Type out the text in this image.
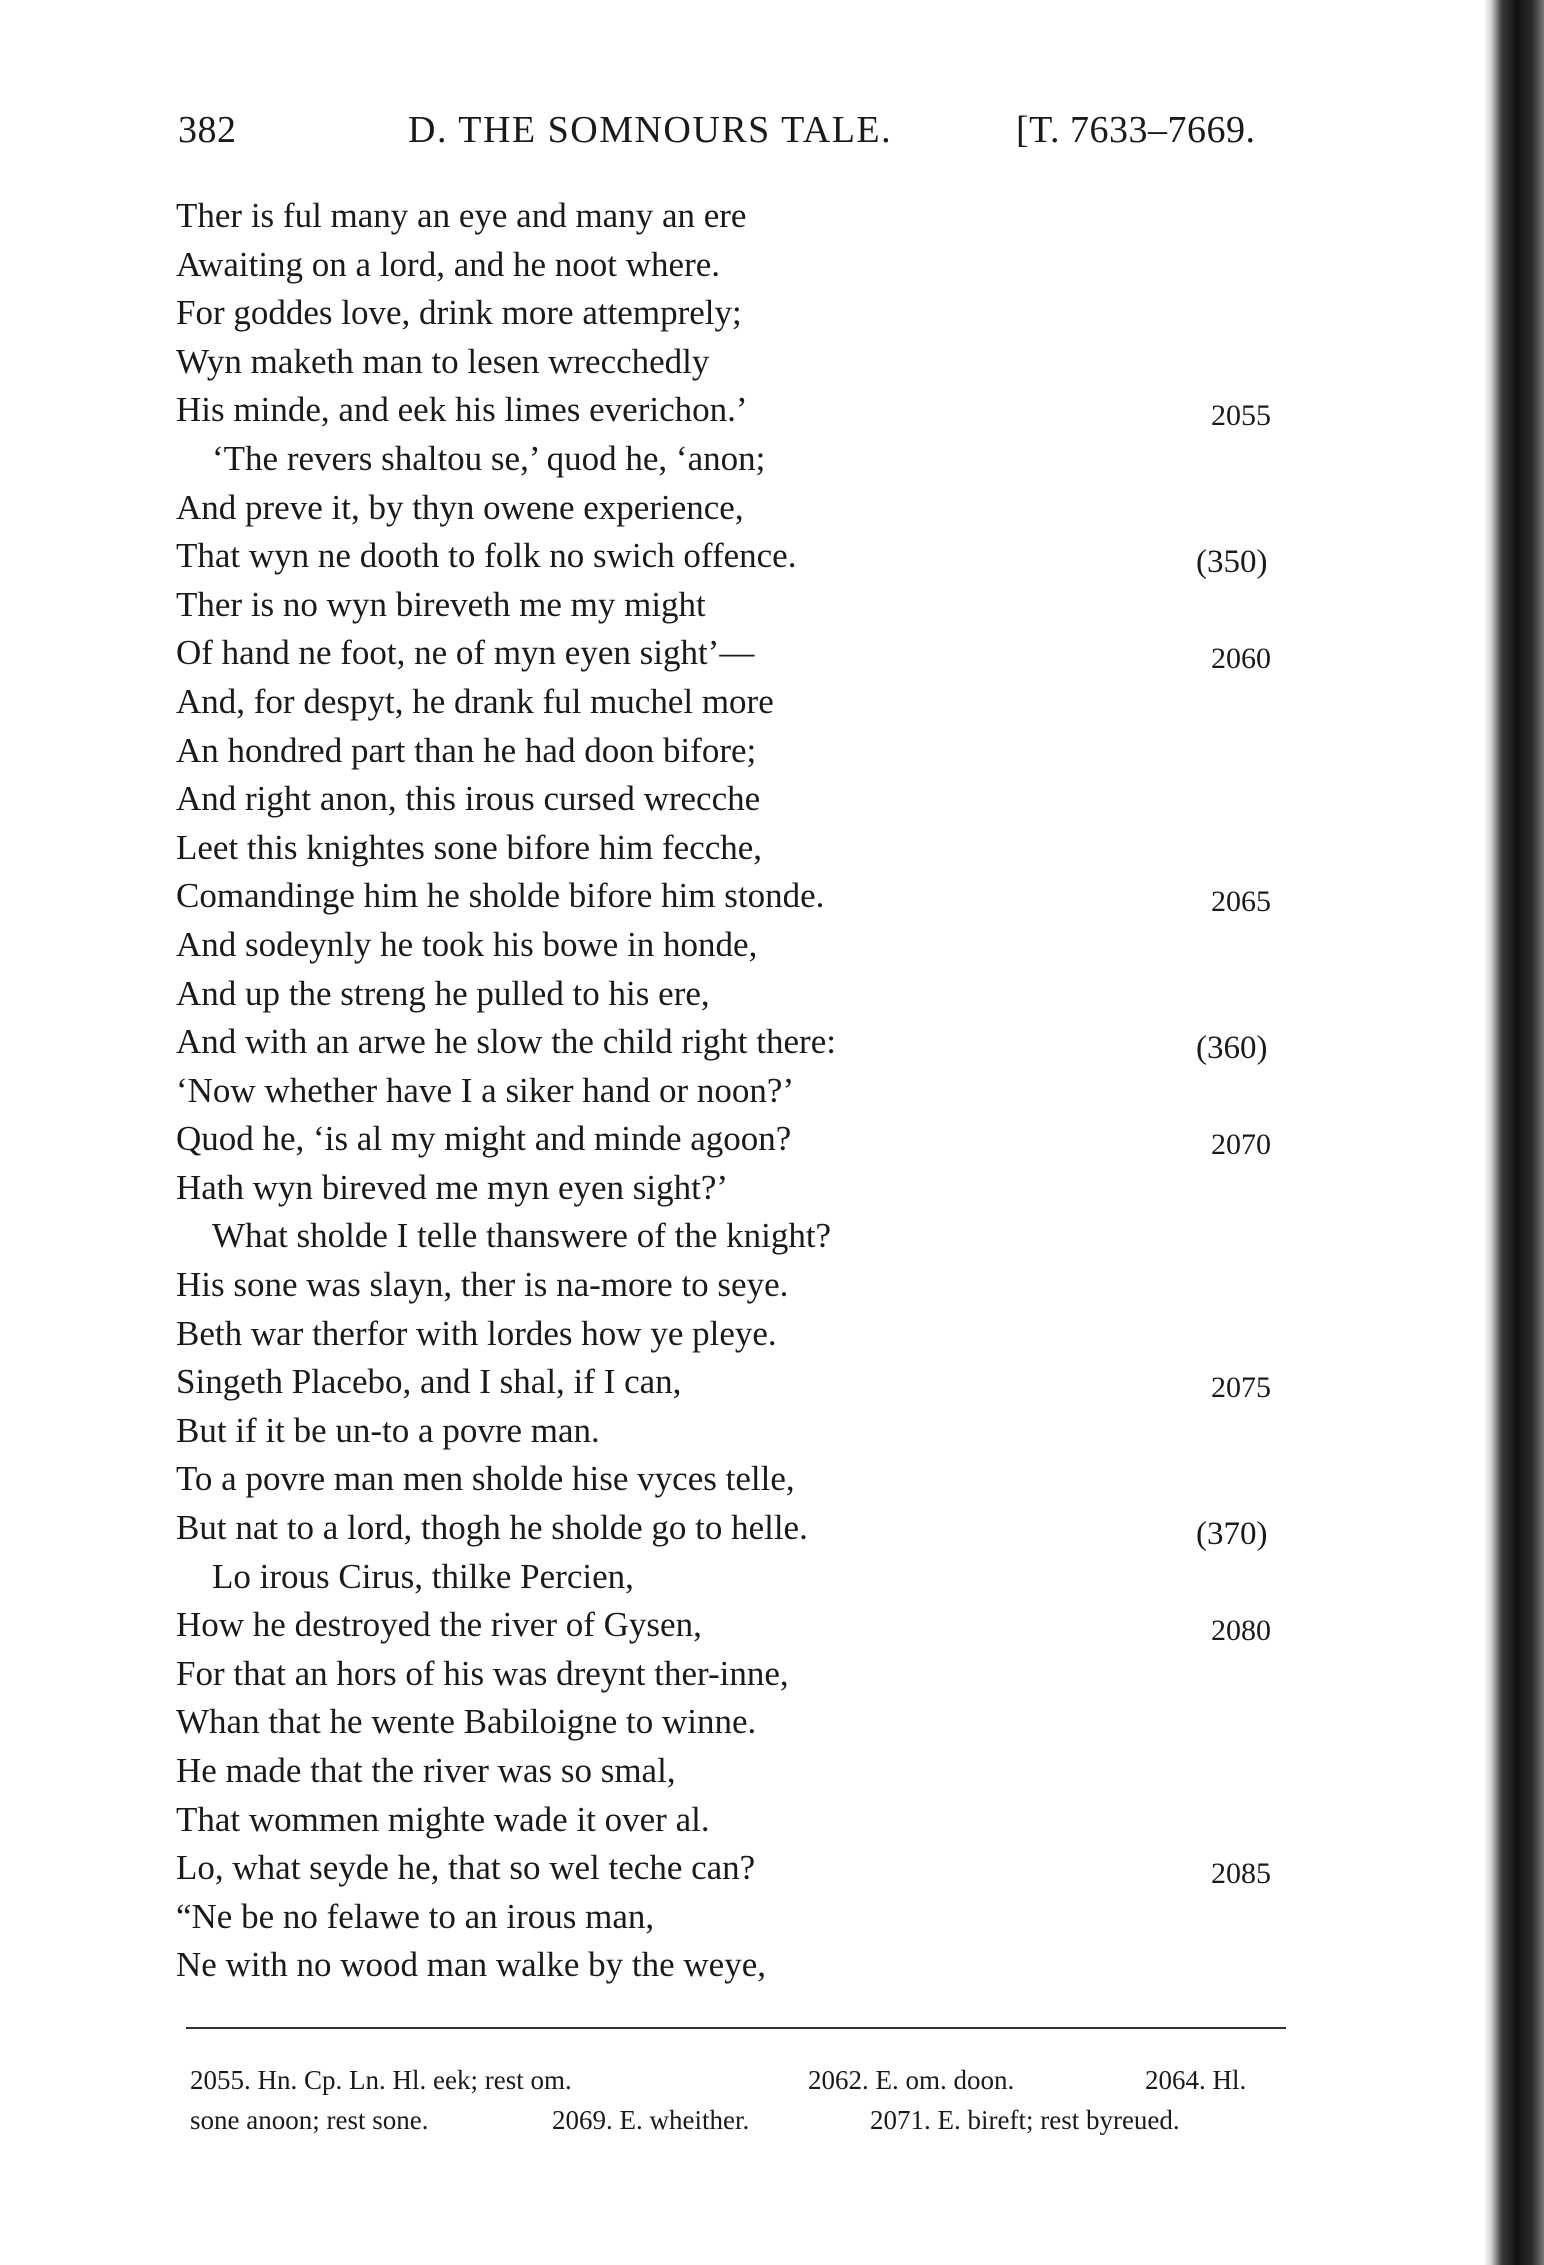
382	D. THE SOMNOURS TALE.	[T. 7633–7669.
Ther is ful many an eye and many an ere
Awaiting on a lord, and he noot where.
For goddes love, drink more attemprely;
Wyn maketh man to lesen wrecchedly
His minde, and eek his limes everichon.’	2055
‘The revers shaltou se,’ quod he, ‘anon;
And preve it, by thyn owene experience,
That wyn ne dooth to folk no swich offence.	(350)
Ther is no wyn bireveth me my might
Of hand ne foot, ne of myn eyen sight’—	2060
And, for despyt, he drank ful muchel more
An hondred part than he had doon bifore;
And right anon, this irous cursed wrecche
Leet this knightes sone bifore him fecche,
Comandinge him he sholde bifore him stonde.	2065
And sodeynly he took his bowe in honde,
And up the streng he pulled to his ere,
And with an arwe he slow the child right there:	(360)
‘Now whether have I a siker hand or noon?’
Quod he, ‘is al my might and minde agoon?	2070
Hath wyn bireved me myn eyen sight?’
What sholde I telle thanswere of the knight?
His sone was slayn, ther is na-more to seye.
Beth war therfor with lordes how ye pleye.
Singeth Placebo, and I shal, if I can,	2075
But if it be un-to a povre man.
To a povre man men sholde hise vyces telle,
But nat to a lord, thogh he sholde go to helle.	(370)
Lo irous Cirus, thilke Percien,
How he destroyed the river of Gysen,	2080
For that an hors of his was dreynt ther-inne,
Whan that he wente Babiloigne to winne.
He made that the river was so smal,
That wommen mighte wade it over al.
Lo, what seyde he, that so wel teche can?	2085
“Ne be no felawe to an irous man,
Ne with no wood man walke by the weye,
2055. Hn. Cp. Ln. Hl. eek; rest om.	2062. E. om. doon.	2064. Hl.
sone anoon; rest sone.	2069. E. wheither.	2071. E. bireft; rest byreued.
